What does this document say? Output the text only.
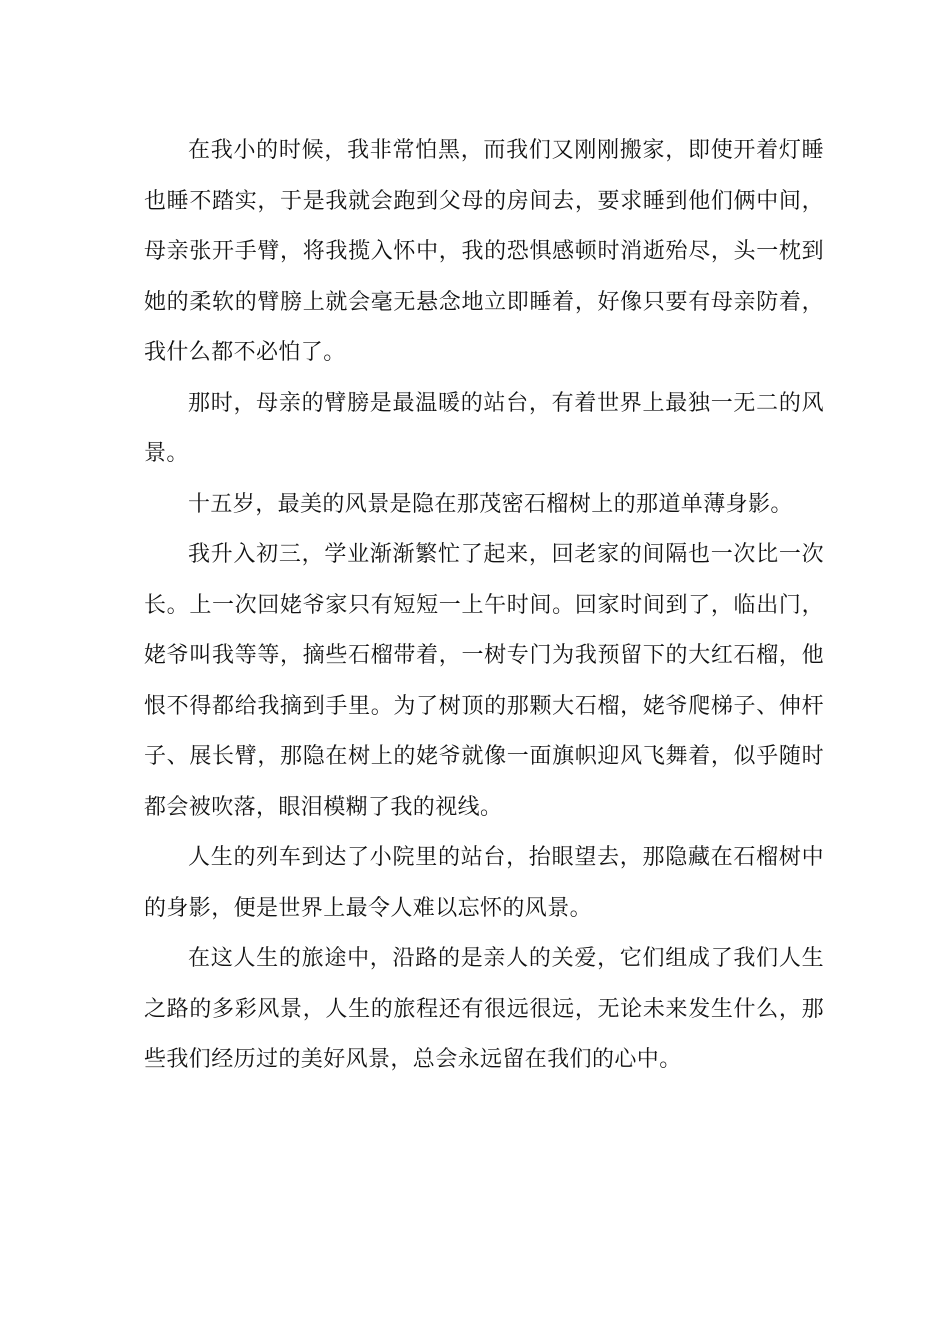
在我小的时候，我非常怕黑，而我们又刚刚搬家，即使开着灯睡也睡不踏实，于是我就会跑到父母的房间去，要求睡到他们俩中间，母亲张开手臂，将我揽入怀中，我的恐惧感顿时消逝殆尽，头一枕到她的柔软的臂膀上就会毫无悬念地立即睡着，好像只要有母亲防着，我什么都不必怕了。

那时，母亲的臂膀是最温暖的站台，有着世界上最独一无二的风景。

十五岁，最美的风景是隐在那茂密石榴树上的那道单薄身影。

我升入初三，学业渐渐繁忙了起来，回老家的间隔也一次比一次长。上一次回姥爷家只有短短一上午时间。回家时间到了，临出门，姥爷叫我等等，摘些石榴带着，一树专门为我预留下的大红石榴，他恨不得都给我摘到手里。为了树顶的那颗大石榴，姥爷爬梯子、伸杆子、展长臂，那隐在树上的姥爷就像一面旗帜迎风飞舞着，似乎随时都会被吹落，眼泪模糊了我的视线。

人生的列车到达了小院里的站台，抬眼望去，那隐藏在石榴树中的身影，便是世界上最令人难以忘怀的风景。

在这人生的旅途中，沿路的是亲人的关爱，它们组成了我们人生之路的多彩风景，人生的旅程还有很远很远，无论未来发生什么，那些我们经历过的美好风景，总会永远留在我们的心中。
